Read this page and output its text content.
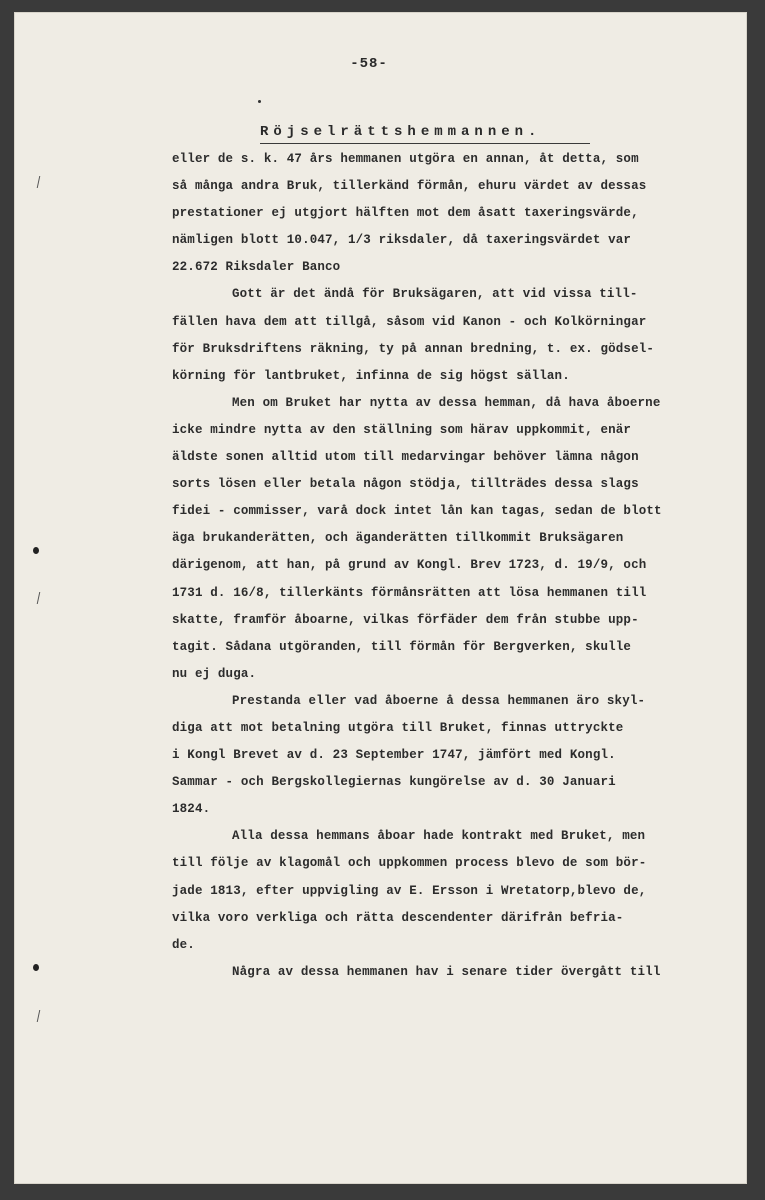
-58-
Röjselrättshemmannen.
eller de s. k. 47 års hemmanen utgöra en annan, åt detta, som
så många andra Bruk, tillerkänd förmån, ehuru värdet av dessas
prestationer ej utgjort hälften mot dem åsatt taxeringsvärde,
nämligen blott 10.047, 1/3 riksdaler, då taxeringsvärdet var
22.672 Riksdaler Banco
Gott är det ändå för Bruksägaren, att vid vissa till-
fällen hava dem att tillgå, såsom vid Kanon - och Kolkörningar
för Bruksdriftens räkning, ty på annan bredning, t. ex. gödsel-
körning för lantbruket, infinna de sig högst sällan.
Men om Bruket har nytta av dessa hemman, då hava åboerne
icke mindre nytta av den ställning som härav uppkommit, enär
äldste sonen alltid utom till medarvingar behöver lämna någon
sorts lösen eller betala någon stödja, tillträdes dessa slags
fidei - commisser, varå dock intet lån kan tagas, sedan de blott
äga brukanderätten, och äganderätten tillkommit Bruksägaren
därigenom, att han, på grund av Kongl. Brev 1723, d. 19/9, och
1731 d. 16/8, tillerkänts förmånsrätten att lösa hemmanen till
skatte, framför åboarne, vilkas förfäder dem från stubbe upp-
tagit. Sådana utgöranden, till förmån för Bergverken, skulle
nu ej duga.
Prestanda eller vad åboerne å dessa hemmanen äro skyl-
diga att mot betalning utgöra till Bruket, finnas uttryckte
i Kongl Brevet av d. 23 September 1747, jämfört med Kongl.
Sammar - och Bergskollegiernas kungörelse av d. 30 Januari
1824.
Alla dessa hemmans åboar hade kontrakt med Bruket, men
till följe av klagomål och uppkommen process blevo de som bör-
jade 1813, efter uppvigling av E. Ersson i Wretatorp,blevo de,
vilka voro verkliga och rätta descendenter därifrån befria-
de.
Några av dessa hemmanen hav i senare tider övergått till
